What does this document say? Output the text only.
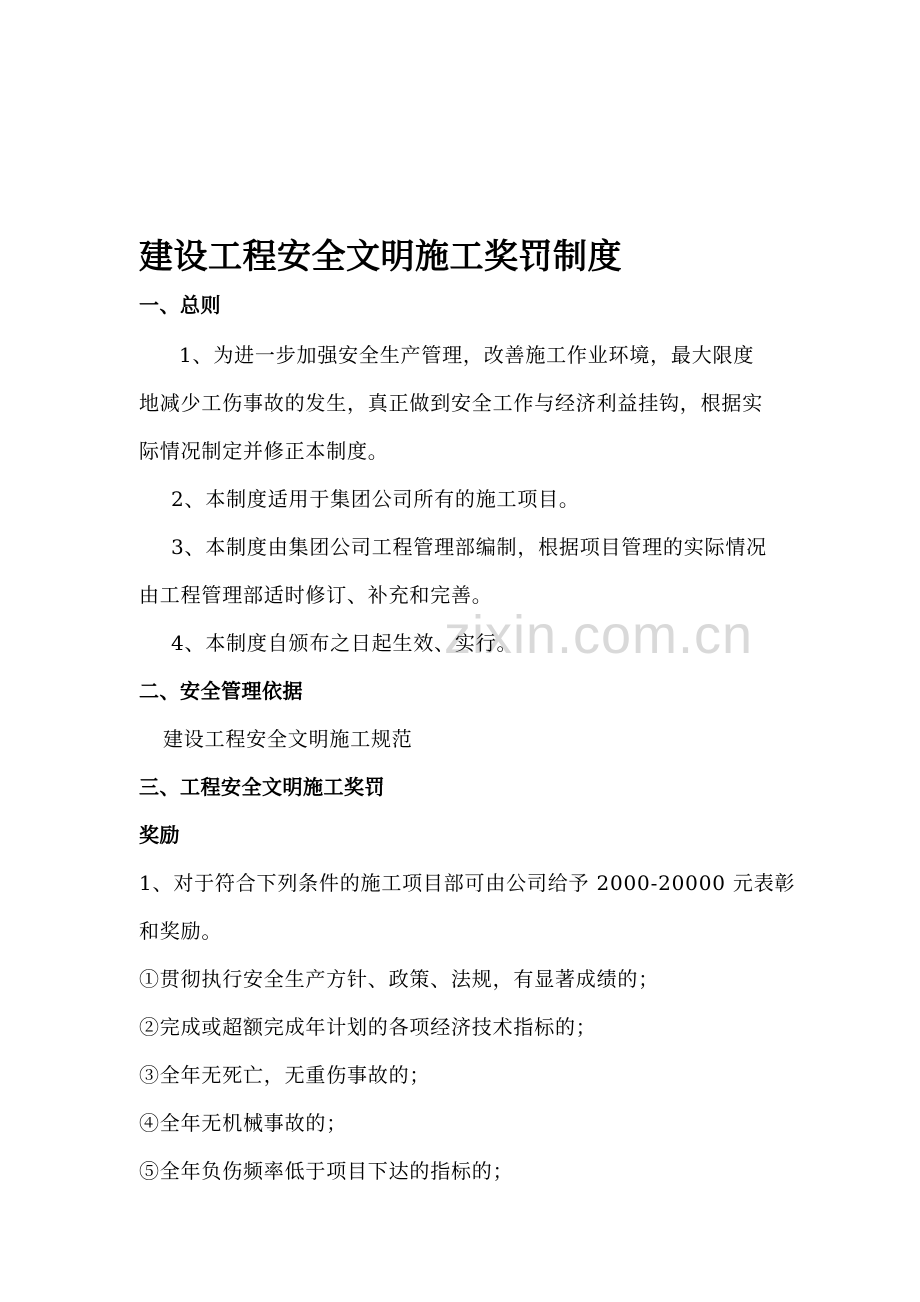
zixin.com.cn
建设工程安全文明施工奖罚制度
一、总则
1、为进一步加强安全生产管理，改善施工作业环境，最大限度
地减少工伤事故的发生，真正做到安全工作与经济利益挂钩，根据实
际情况制定并修正本制度。
2、本制度适用于集团公司所有的施工项目。
3、本制度由集团公司工程管理部编制，根据项目管理的实际情况
由工程管理部适时修订、补充和完善。
4、本制度自颁布之日起生效、实行。
二、安全管理依据
建设工程安全文明施工规范
三、工程安全文明施工奖罚
奖励
1、对于符合下列条件的施工项目部可由公司给予 2000-20000 元表彰
和奖励。
①贯彻执行安全生产方针、政策、法规，有显著成绩的；
②完成或超额完成年计划的各项经济技术指标的；
③全年无死亡，无重伤事故的；
④全年无机械事故的；
⑤全年负伤频率低于项目下达的指标的；
